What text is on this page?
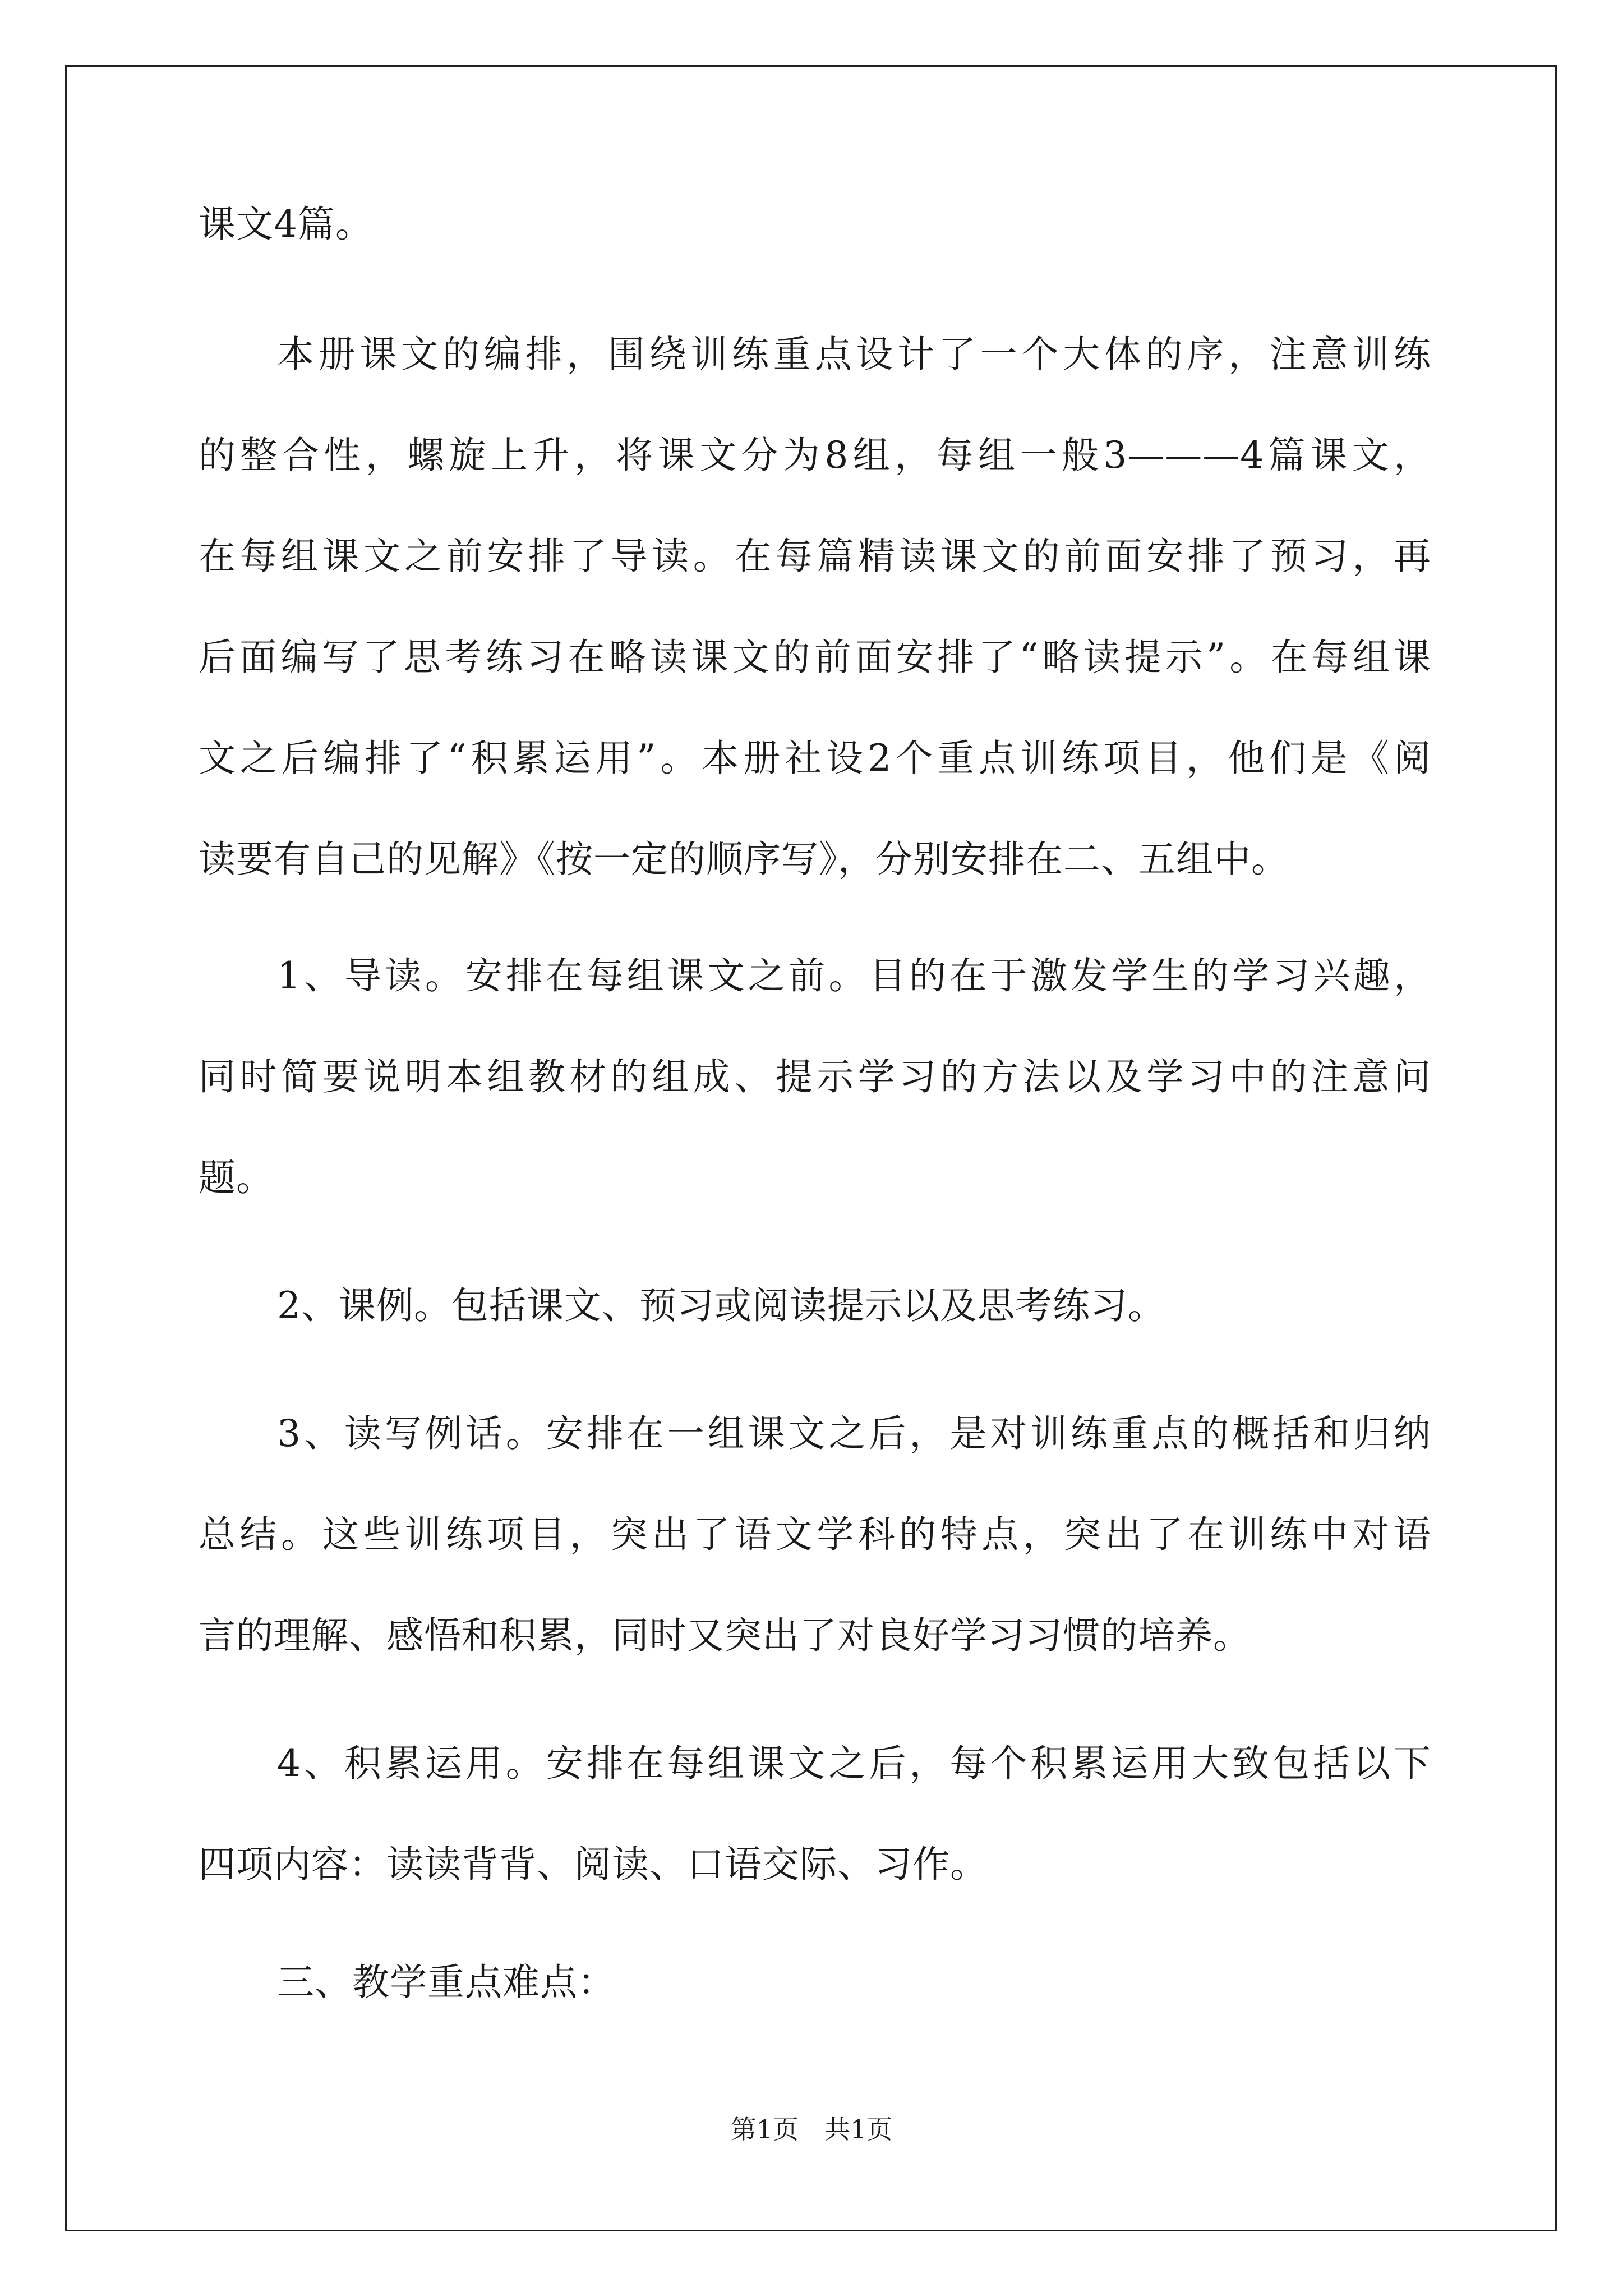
课文4篇。
本册课文的编排，围绕训练重点设计了一个大体的序，注意训练
的整合性，螺旋上升，将课文分为8组，每组一般3———4篇课文，
在每组课文之前安排了导读。在每篇精读课文的前面安排了预习，再
后面编写了思考练习在略读课文的前面安排了“略读提示”。在每组课
文之后编排了“积累运用”。本册社设2个重点训练项目，他们是《阅
读要有自己的见解》《按一定的顺序写》，分别安排在二、五组中。
1、导读。安排在每组课文之前。目的在于激发学生的学习兴趣，
同时简要说明本组教材的组成、提示学习的方法以及学习中的注意问
题。
2、课例。包括课文、预习或阅读提示以及思考练习。
3、读写例话。安排在一组课文之后，是对训练重点的概括和归纳
总结。这些训练项目，突出了语文学科的特点，突出了在训练中对语
言的理解、感悟和积累，同时又突出了对良好学习习惯的培养。
4、积累运用。安排在每组课文之后，每个积累运用大致包括以下
四项内容：读读背背、阅读、口语交际、习作。
三、教学重点难点：
第1页　共1页
